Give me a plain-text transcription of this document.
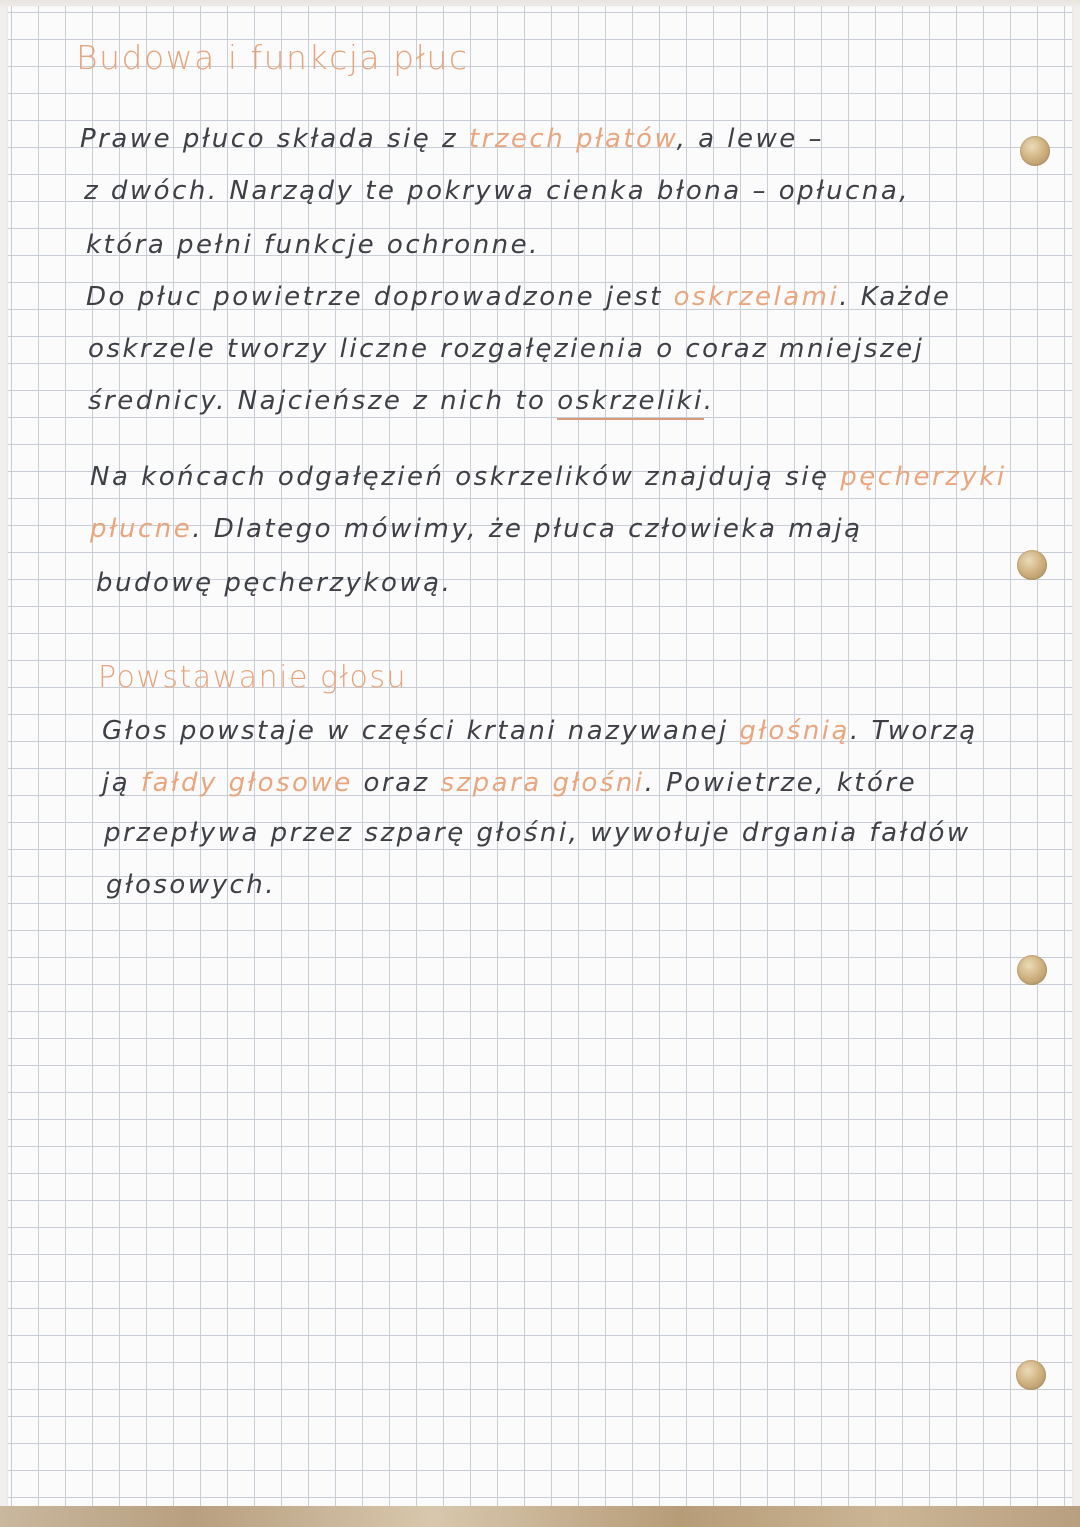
Budowa i funkcja płuc
Prawe płuco składa się z trzech płatów, a lewe –
z dwóch. Narządy te pokrywa cienka błona – opłucna,
która pełni funkcje ochronne.
Do płuc powietrze doprowadzone jest oskrzelami. Każde
oskrzele tworzy liczne rozgałęzienia o coraz mniejszej
średnicy. Najcieńsze z nich to oskrzeliki.
Na końcach odgałęzień oskrzelików znajdują się pęcherzyki
płucne. Dlatego mówimy, że płuca człowieka mają
budowę pęcherzykową.
Powstawanie głosu
Głos powstaje w części krtani nazywanej głośnią. Tworzą
ją fałdy głosowe oraz szpara głośni. Powietrze, które
przepływa przez szparę głośni, wywołuje drgania fałdów
głosowych.
